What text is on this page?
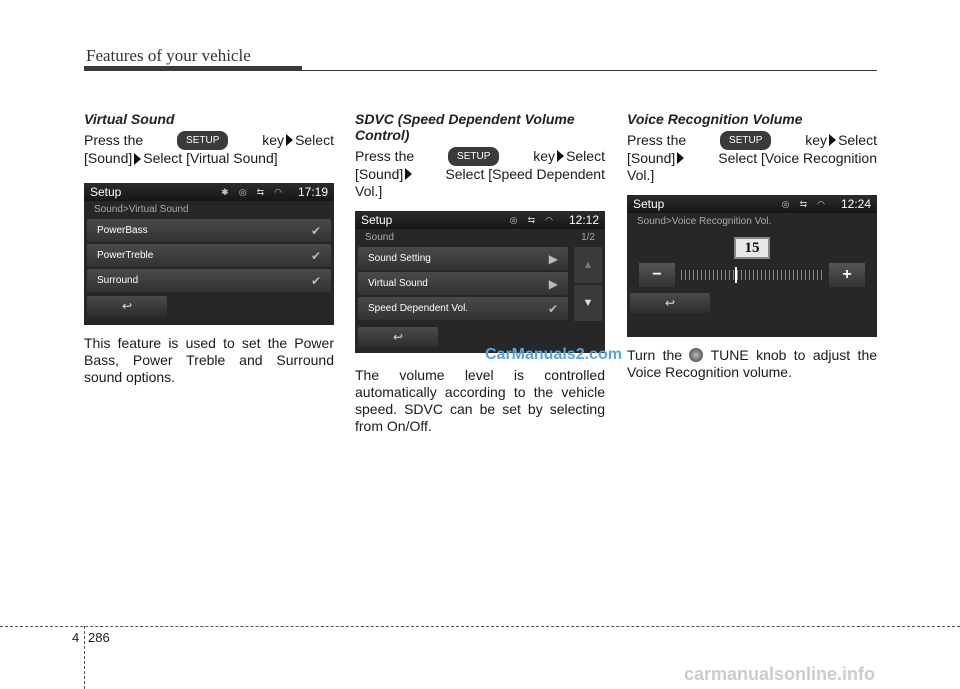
Features of your vehicle
Virtual Sound
Press the	SETUP	key Select
[Sound] Select [Virtual Sound]
Setup	✱ ◎ ⇆ ◠ 17:19
Sound>Virtual Sound
PowerBass	✔
PowerTreble	✔
Surround	✔
↩
This feature is used to set the Power Bass, Power Treble and Surround sound options.
SDVC (Speed Dependent Volume Control)
Press the	SETUP	key Select
[Sound]	Select [Speed Dependent
Vol.]
Setup	◎ ⇆ ◠ 12:12
Sound	1/2
Sound Setting	▶
Virtual Sound	▶
Speed Dependent Vol.	✔
▲
▼
↩
The volume level is controlled automatically according to the vehicle speed. SDVC can be set by selecting from On/Off.
Voice Recognition Volume
Press the	SETUP	key Select
[Sound]	Select [Voice Recognition
Vol.]
Setup	◎ ⇆ ◠ 12:24
Sound>Voice Recognition Vol.
15
−	+
↩
Turn the TUNE knob to adjust the Voice Recognition volume.
CarManuals2.com
carmanualsonline.info
4 286
